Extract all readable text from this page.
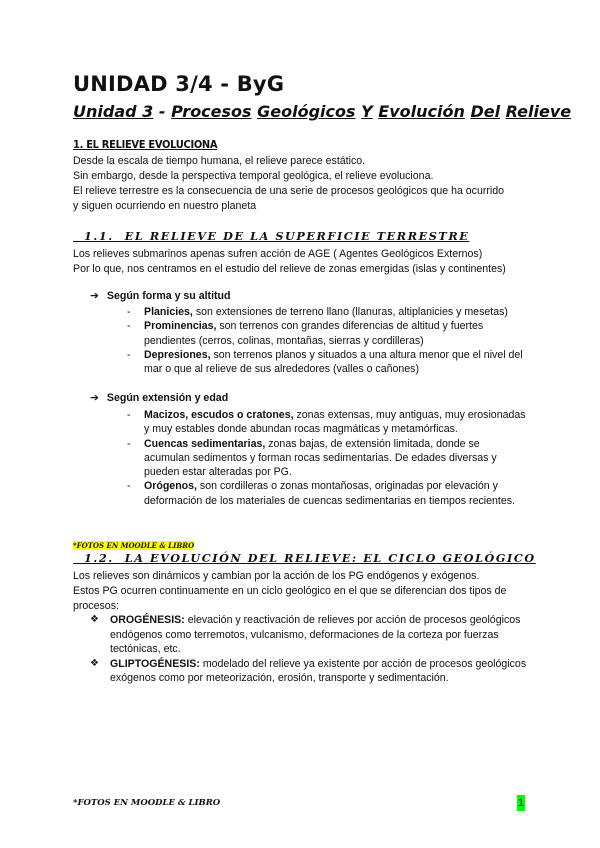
UNIDAD 3/4 - ByG
Unidad 3 - Procesos Geológicos Y Evolución Del Relieve
1. EL RELIEVE EVOLUCIONA
Desde la escala de tiempo humana, el relieve parece estático.
Sin embargo, desde la perspectiva temporal geológica, el relieve evoluciona.
El relieve terrestre es la consecuencia de una serie de procesos geológicos que ha ocurrido
y siguen ocurriendo en nuestro planeta
1.1.  EL RELIEVE DE LA SUPERFICIE TERRESTRE
Los relieves submarinos apenas sufren acción de AGE ( Agentes Geológicos Externos)
Por lo que, nos centramos en el estudio del relieve de zonas emergidas (islas y continentes)
➔ Según forma y su altitud
- Planicies, son extensiones de terreno llano (llanuras, altiplanicies y mesetas)
- Prominencias, son terrenos con grandes diferencias de altitud y fuertes pendientes (cerros, colinas, montañas, sierras y cordilleras)
- Depresiones, son terrenos planos y situados a una altura menor que el nivel del mar o que al relieve de sus alrededores (valles o cañones)
➔ Según extensión y edad
- Macizos, escudos o cratones, zonas extensas, muy antiguas, muy erosionadas y muy estables donde abundan rocas magmáticas y metamórficas.
- Cuencas sedimentarias, zonas bajas, de extensión limitada, donde se acumulan sedimentos y forman rocas sedimentarias. De edades diversas y pueden estar alteradas por PG.
- Orógenos, son cordilleras o zonas montañosas, originadas por elevación y deformación de los materiales de cuencas sedimentarias en tiempos recientes.
*FOTOS EN MOODLE & LIBRO
1.2.  LA EVOLUCIÓN DEL RELIEVE: EL CICLO GEOLÓGICO
Los relieves son dinámicos y cambian por la acción de los PG endógenos y exógenos.
Estos PG ocurren continuamente en un ciclo geológico en el que se diferencian dos tipos de
procesos:
❖ OROGÉNESIS: elevación y reactivación de relieves por acción de procesos geológicos endógenos como terremotos, vulcanismo, deformaciones de la corteza por fuerzas tectónicas, etc.
❖ GLIPTOGÉNESIS: modelado del relieve ya existente por acción de procesos geológicos exógenos como por meteorización, erosión, transporte y sedimentación.
*FOTOS EN MOODLE & LIBRO	1
